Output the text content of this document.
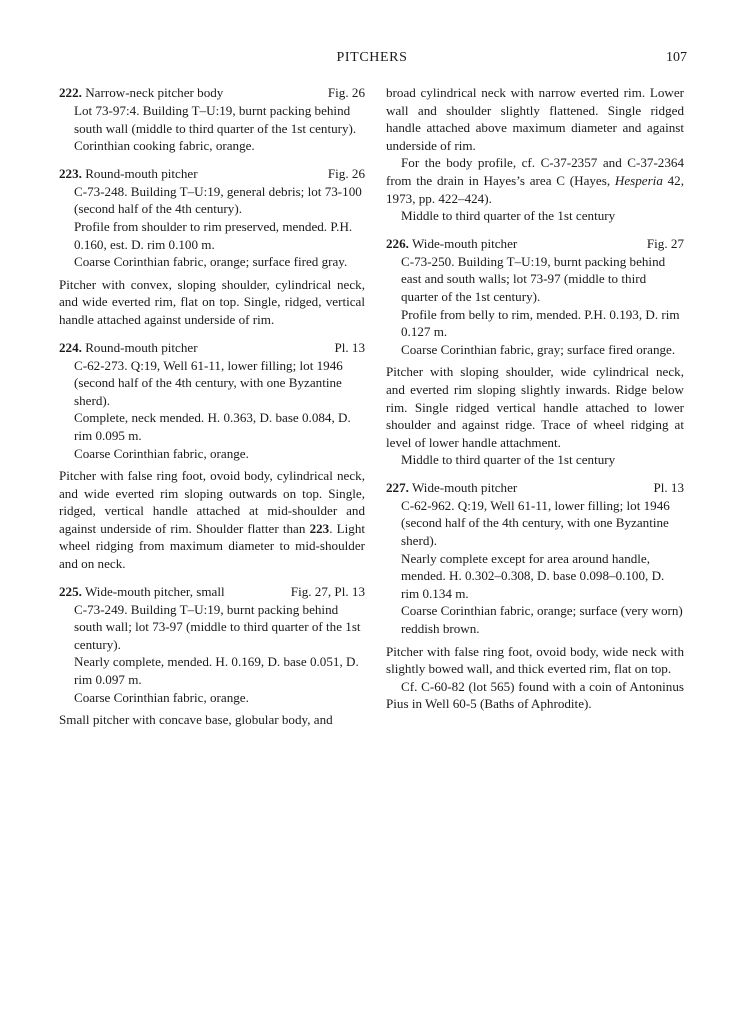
PITCHERS	107
222. Narrow-neck pitcher body	Fig. 26

Lot 73-97:4. Building T–U:19, burnt packing behind south wall (middle to third quarter of the 1st century).

Corinthian cooking fabric, orange.

223. Round-mouth pitcher	Fig. 26

C-73-248. Building T–U:19, general debris; lot 73-100 (second half of the 4th century).

Profile from shoulder to rim preserved, mended. P.H. 0.160, est. D. rim 0.100 m.

Coarse Corinthian fabric, orange; surface fired gray.

Pitcher with convex, sloping shoulder, cylindrical neck, and wide everted rim, flat on top. Single, ridged, vertical handle attached against underside of rim.

224. Round-mouth pitcher	Pl. 13

C-62-273. Q:19, Well 61-11, lower filling; lot 1946 (second half of the 4th century, with one Byzantine sherd).

Complete, neck mended. H. 0.363, D. base 0.084, D. rim 0.095 m.

Coarse Corinthian fabric, orange.

Pitcher with false ring foot, ovoid body, cylindrical neck, and wide everted rim sloping outwards on top. Single, ridged, vertical handle attached at mid-shoulder and against underside of rim. Shoulder flatter than 223. Light wheel ridging from maximum diameter to mid-shoulder and on neck.

225. Wide-mouth pitcher, small	Fig. 27, Pl. 13

C-73-249. Building T–U:19, burnt packing behind south wall; lot 73-97 (middle to third quarter of the 1st century).

Nearly complete, mended. H. 0.169, D. base 0.051, D. rim 0.097 m.

Coarse Corinthian fabric, orange.

Small pitcher with concave base, globular body, and

broad cylindrical neck with narrow everted rim. Lower wall and shoulder slightly flattened. Single ridged handle attached above maximum diameter and against underside of rim.

For the body profile, cf. C-37-2357 and C-37-2364 from the drain in Hayes’s area C (Hayes, Hesperia 42, 1973, pp. 422–424).

Middle to third quarter of the 1st century

226. Wide-mouth pitcher	Fig. 27

C-73-250. Building T–U:19, burnt packing behind east and south walls; lot 73-97 (middle to third quarter of the 1st century).

Profile from belly to rim, mended. P.H. 0.193, D. rim 0.127 m.

Coarse Corinthian fabric, gray; surface fired orange.

Pitcher with sloping shoulder, wide cylindrical neck, and everted rim sloping slightly inwards. Ridge below rim. Single ridged vertical handle attached to lower shoulder and against ridge. Trace of wheel ridging at level of lower handle attachment.

Middle to third quarter of the 1st century

227. Wide-mouth pitcher	Pl. 13

C-62-962. Q:19, Well 61-11, lower filling; lot 1946 (second half of the 4th century, with one Byzantine sherd).

Nearly complete except for area around handle, mended. H. 0.302–0.308, D. base 0.098–0.100, D. rim 0.134 m.

Coarse Corinthian fabric, orange; surface (very worn) reddish brown.

Pitcher with false ring foot, ovoid body, wide neck with slightly bowed wall, and thick everted rim, flat on top.

Cf. C-60-82 (lot 565) found with a coin of Antoninus Pius in Well 60-5 (Baths of Aphrodite).
